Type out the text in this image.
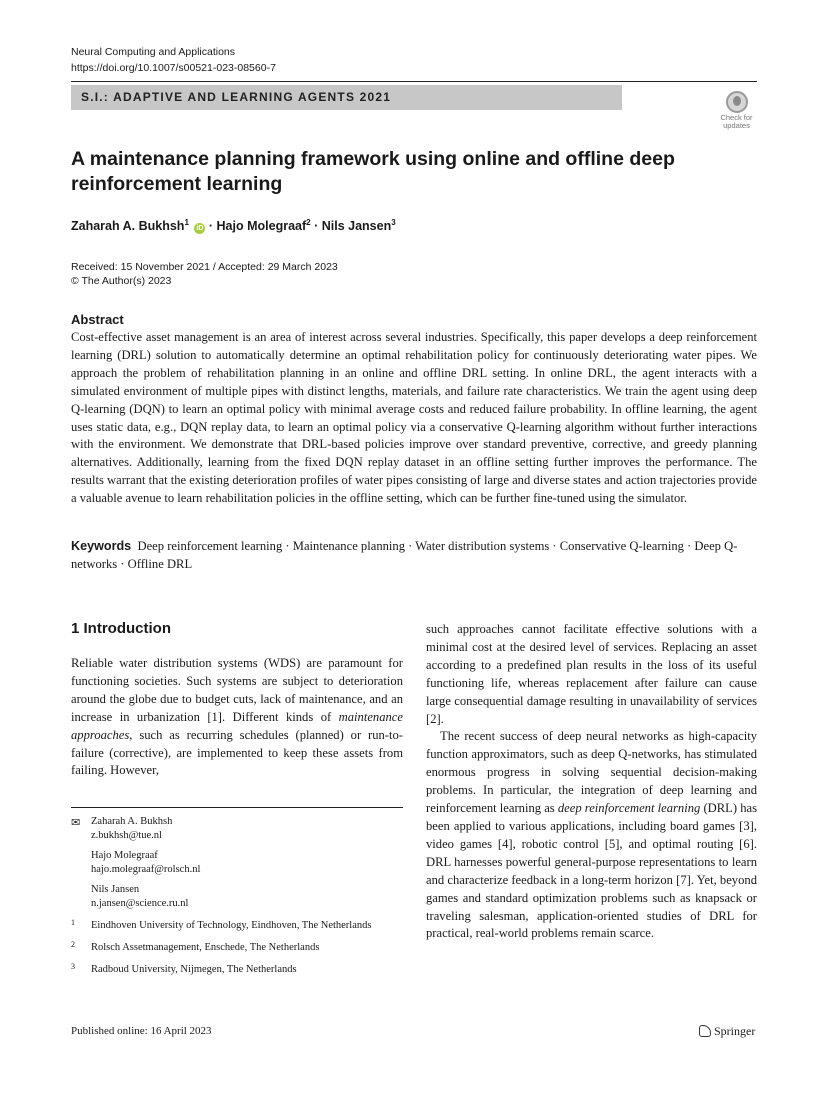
Neural Computing and Applications
https://doi.org/10.1007/s00521-023-08560-7
S.I.: ADAPTIVE AND LEARNING AGENTS 2021
Check for
updates
A maintenance planning framework using online and offline deep reinforcement learning
Zaharah A. Bukhsh$^1$ iD · Hajo Molegraaf$^2$ · Nils Jansen$^3$
Received: 15 November 2021 / Accepted: 29 March 2023
© The Author(s) 2023
Abstract
Cost-effective asset management is an area of interest across several industries. Specifically, this paper develops a deep reinforcement learning (DRL) solution to automatically determine an optimal rehabilitation policy for continuously deteriorating water pipes. We approach the problem of rehabilitation planning in an online and offline DRL setting. In online DRL, the agent interacts with a simulated environment of multiple pipes with distinct lengths, materials, and failure rate characteristics. We train the agent using deep Q-learning (DQN) to learn an optimal policy with minimal average costs and reduced failure probability. In offline learning, the agent uses static data, e.g., DQN replay data, to learn an optimal policy via a conservative Q-learning algorithm without further interactions with the environment. We demonstrate that DRL-based policies improve over standard preventive, corrective, and greedy planning alternatives. Additionally, learning from the fixed DQN replay dataset in an offline setting further improves the performance. The results warrant that the existing deterioration profiles of water pipes consisting of large and diverse states and action trajectories provide a valuable avenue to learn rehabilitation policies in the offline setting, which can be further fine-tuned using the simulator.
Keywords Deep reinforcement learning · Maintenance planning · Water distribution systems · Conservative Q-learning · Deep Q-networks · Offline DRL
1 Introduction
Reliable water distribution systems (WDS) are paramount for functioning societies. Such systems are subject to deterioration around the globe due to budget cuts, lack of maintenance, and an increase in urbanization [1]. Different kinds of maintenance approaches, such as recurring schedules (planned) or run-to-failure (corrective), are implemented to keep these assets from failing. However,

such approaches cannot facilitate effective solutions with a minimal cost at the desired level of services. Replacing an asset according to a predefined plan results in the loss of its useful functioning life, whereas replacement after failure can cause large consequential damage resulting in unavailability of services [2].

The recent success of deep neural networks as high-capacity function approximators, such as deep Q-networks, has stimulated enormous progress in solving sequential decision-making problems. In particular, the integration of deep learning and reinforcement learning as deep reinforcement learning (DRL) has been applied to various applications, including board games [3], video games [4], robotic control [5], and optimal routing [6]. DRL harnesses powerful general-purpose representations to learn and characterize feedback in a long-term horizon [7]. Yet, beyond games and standard optimization problems such as knapsack or traveling salesman, application-oriented studies of DRL for practical, real-world problems remain scarce.

✉ Zaharah A. Bukhsh
z.bukhsh@tue.nl
Hajo Molegraaf
hajo.molegraaf@rolsch.nl
Nils Jansen
n.jansen@science.ru.nl
1 Eindhoven University of Technology, Eindhoven, The Netherlands
2 Rolsch Assetmanagement, Enschede, The Netherlands
3 Radboud University, Nijmegen, The Netherlands
Published online: 16 April 2023	Springer
